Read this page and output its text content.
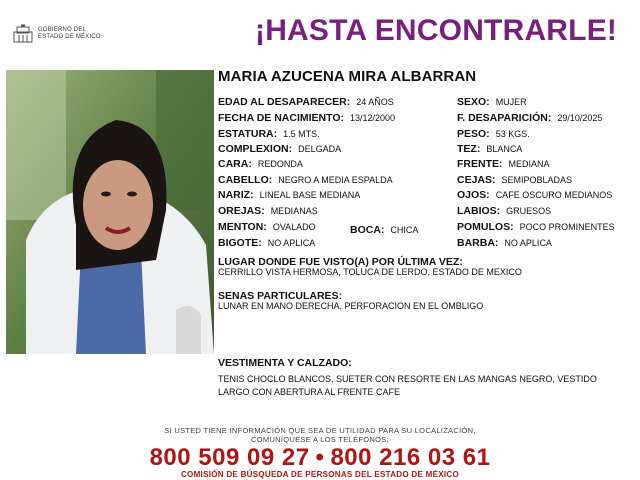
GOBIERNO DEL
ESTADO DE MÉXICO	¡HASTA ENCONTRARLE!
MARIA AZUCENA MIRA ALBARRAN
EDAD AL DESAPARECER: 24 AÑOS
FECHA DE NACIMIENTO: 13/12/2000
ESTATURA: 1.5 MTS.
COMPLEXION: DELGADA
CARA: REDONDA
CABELLO: NEGRO A MEDIA ESPALDA
NARIZ: LINEAL BASE MEDIANA
OREJAS: MEDIANAS
MENTON: OVALADO	BOCA: CHICA
BIGOTE: NO APLICA
SEXO: MUJER
F. DESAPARICIÓN: 29/10/2025
PESO: 53 KGS.
TEZ: BLANCA
FRENTE: MEDIANA
CEJAS: SEMIPOBLADAS
OJOS: CAFE OSCURO MEDIANOS
LABIOS: GRUESOS
POMULOS: POCO PROMINENTES
BARBA: NO APLICA
LUGAR DONDE FUE VISTO(A) POR ÚLTIMA VEZ:
CERRILLO VISTA HERMOSA, TOLUCA DE LERDO, ESTADO DE MEXICO
SENAS PARTICULARES:
LUNAR EN MANO DERECHA, PERFORACION EN EL OMBLIGO
VESTIMENTA Y CALZADO:
TENIS CHOCLO BLANCOS, SUETER CON RESORTE EN LAS MANGAS NEGRO, VESTIDO
LARGO CON ABERTURA AL FRENTE CAFE
SI USTED TIENE INFORMACIÓN QUE SEA DE UTILIDAD PARA SU LOCALIZACIÓN,
COMUNÍQUESE A LOS TELÉFONOS:
800 509 09 27 • 800 216 03 61
COMISIÓN DE BÚSQUEDA DE PERSONAS DEL ESTADO DE MÉXICO
